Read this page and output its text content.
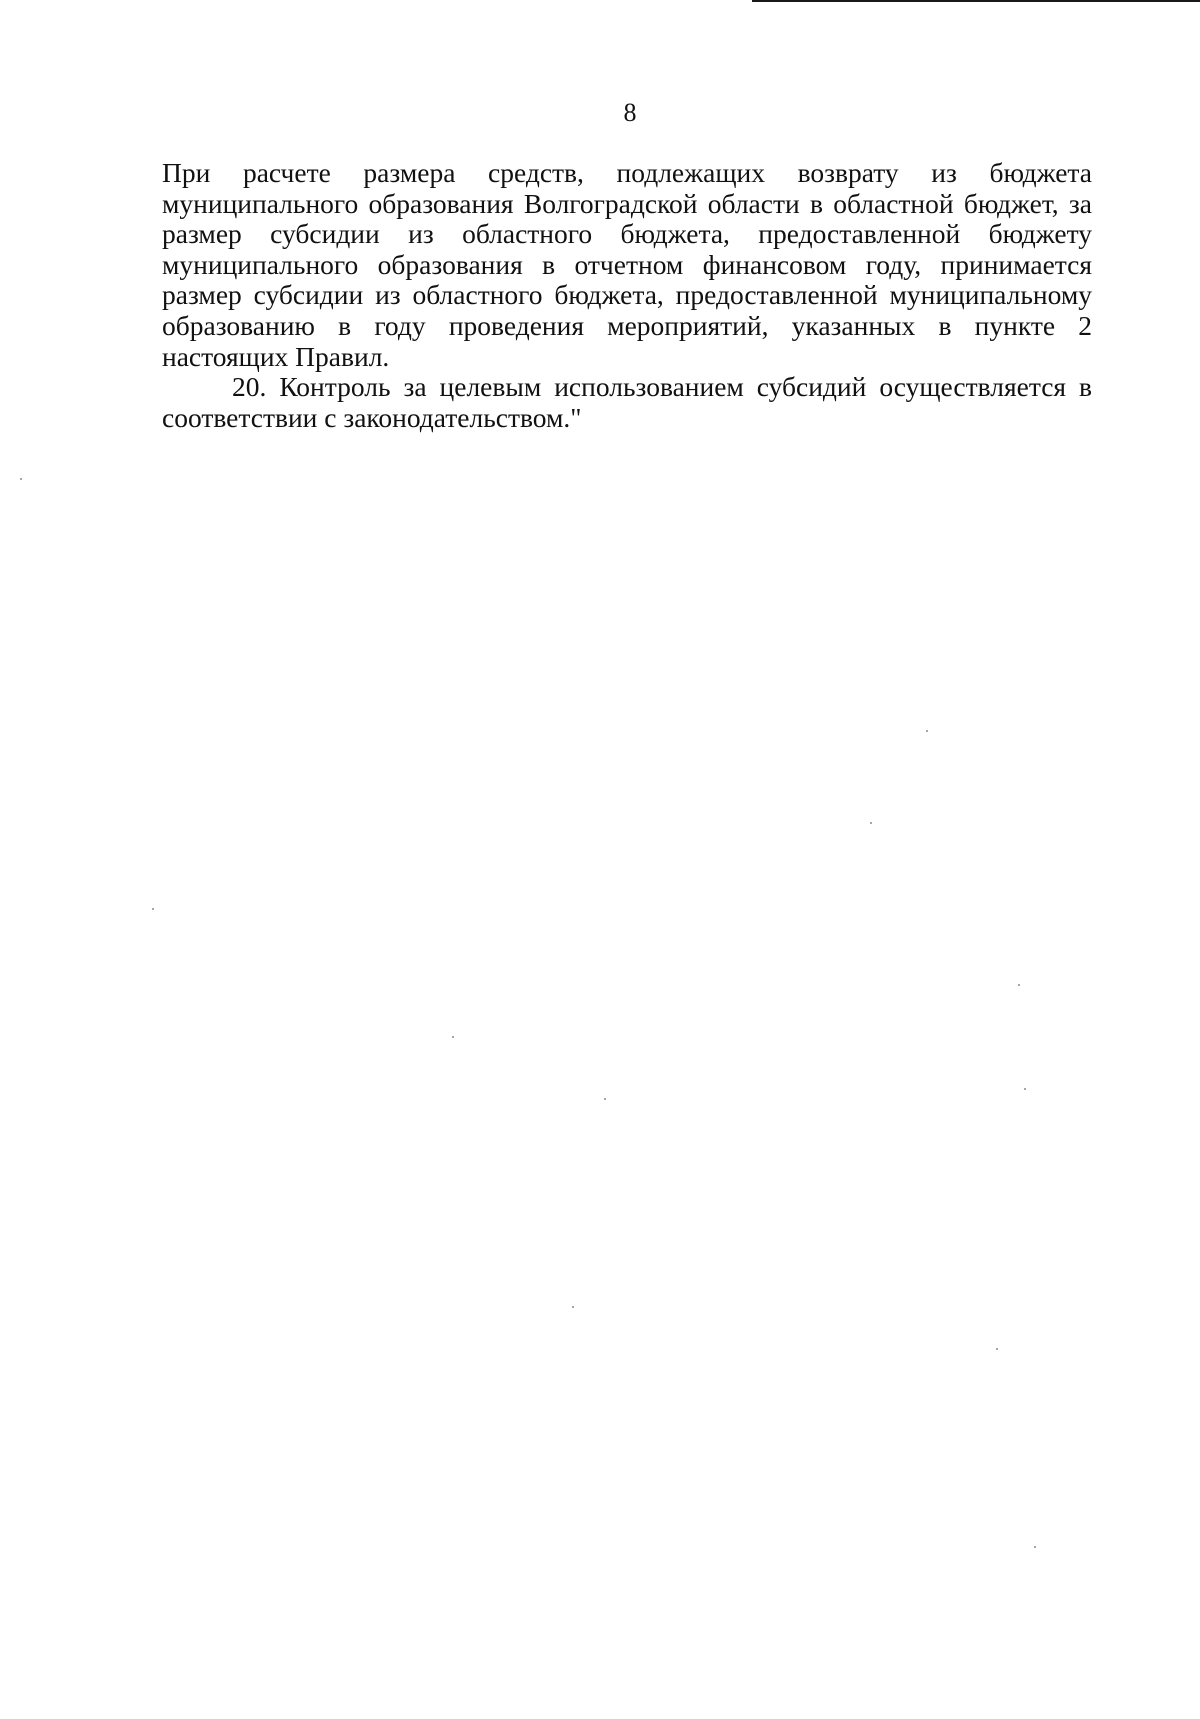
8

При расчете размера средств, подлежащих возврату из бюджета муниципального образования Волгоградской области в областной бюджет, за размер субсидии из областного бюджета, предоставленной бюджету муниципального образования в отчетном финансовом году, принимается размер субсидии из областного бюджета, предоставленной муниципальному образованию в году проведения мероприятий, указанных в пункте 2 настоящих Правил.

20. Контроль за целевым использованием субсидий осуществляется в соответствии с законодательством."
